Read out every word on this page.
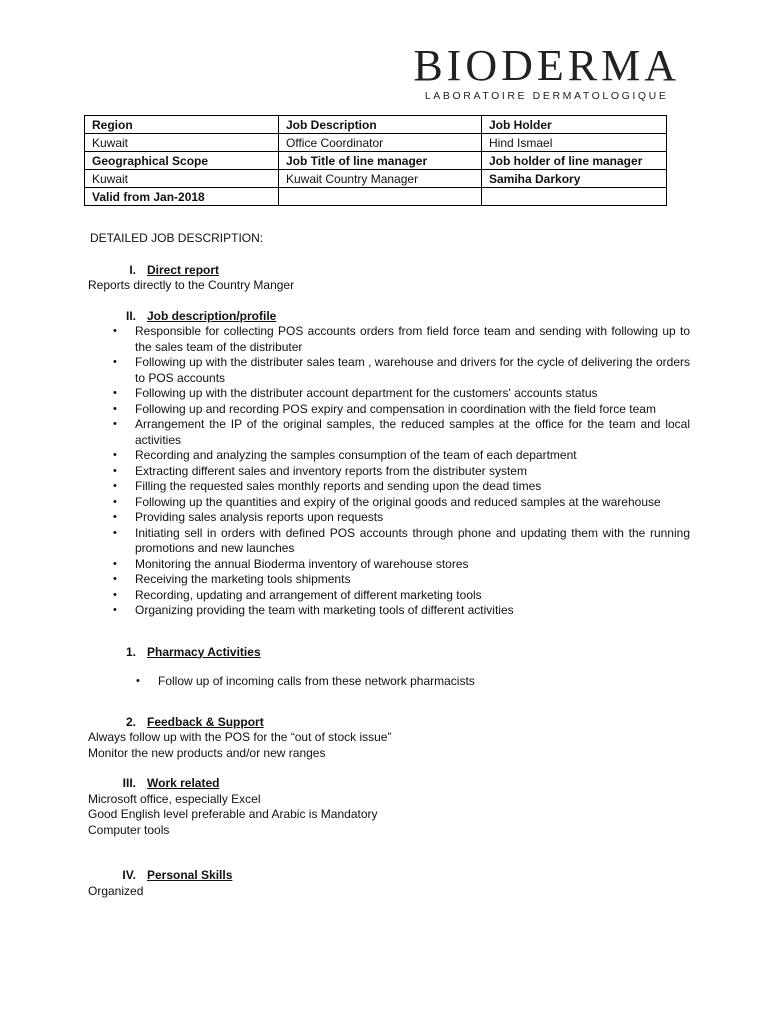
BIODERMA
LABORATOIRE DERMATOLOGIQUE
Region	Job Description	Job Holder
Kuwait	Office Coordinator	Hind Ismael
Geographical Scope	Job Title of line manager	Job holder of line manager
Kuwait	Kuwait Country Manager	Samiha Darkory
Valid from Jan-2018		

DETAILED JOB DESCRIPTION:

I. Direct report

Reports directly to the Country Manger

II. Job description/profile
• Responsible for collecting POS accounts orders from field force team and sending with following up to the sales team of the distributer
• Following up with the distributer sales team , warehouse and drivers for the cycle of delivering the orders to POS accounts
• Following up with the distributer account department for the customers' accounts status
• Following up and recording POS expiry and compensation in coordination with the field force team
• Arrangement the IP of the original samples, the reduced samples at the office for the team and local activities
• Recording and analyzing the samples consumption of the team of each department
• Extracting different sales and inventory reports from the distributer system
• Filling the requested sales monthly reports and sending upon the dead times
• Following up the quantities and expiry of the original goods and reduced samples at the warehouse
• Providing sales analysis reports upon requests
• Initiating sell in orders with defined POS accounts through phone and updating them with the running promotions and new launches
• Monitoring the annual Bioderma inventory of warehouse stores
• Receiving the marketing tools shipments
• Recording, updating and arrangement of different marketing tools
• Organizing providing the team with marketing tools of different activities
1. Pharmacy Activities
• Follow up of incoming calls from these network pharmacists
2. Feedback & Support

Always follow up with the POS for the “out of stock issue”

Monitor the new products and/or new ranges

III. Work related

Microsoft office, especially Excel

Good English level preferable and Arabic is Mandatory

Computer tools

IV. Personal Skills

Organized
